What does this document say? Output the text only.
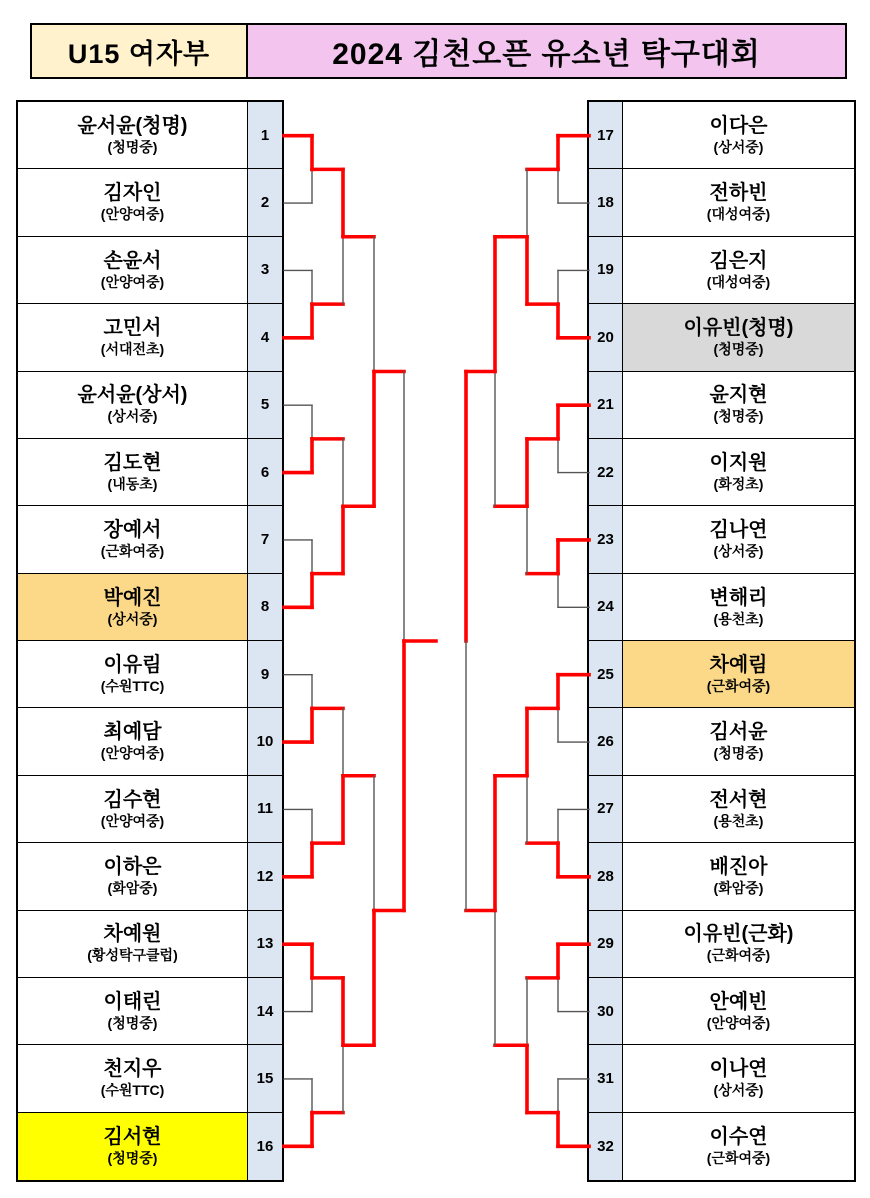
U15 여자부	2024 김천오픈 유소년 탁구대회
윤서윤(청명)
(청명중)
1
김자인
(안양여중)
2
손윤서
(안양여중)
3
고민서
(서대전초)
4
윤서윤(상서)
(상서중)
5
김도현
(내동초)
6
장예서
(근화여중)
7
박예진
(상서중)
8
이유림
(수원TTC)
9
최예담
(안양여중)
10
김수현
(안양여중)
11
이하은
(화암중)
12
차예원
(황성탁구클럽)
13
이태린
(청명중)
14
천지우
(수원TTC)
15
김서현
(청명중)
16
17	이다은
(상서중)
18	전하빈
(대성여중)
19	김은지
(대성여중)
20	이유빈(청명)
(청명중)
21	윤지현
(청명중)
22	이지원
(화정초)
23	김나연
(상서중)
24	변해리
(용천초)
25	차예림
(근화여중)
26	김서윤
(청명중)
27	전서현
(용천초)
28	배진아
(화암중)
29	이유빈(근화)
(근화여중)
30	안예빈
(안양여중)
31	이나연
(상서중)
32	이수연
(근화여중)
